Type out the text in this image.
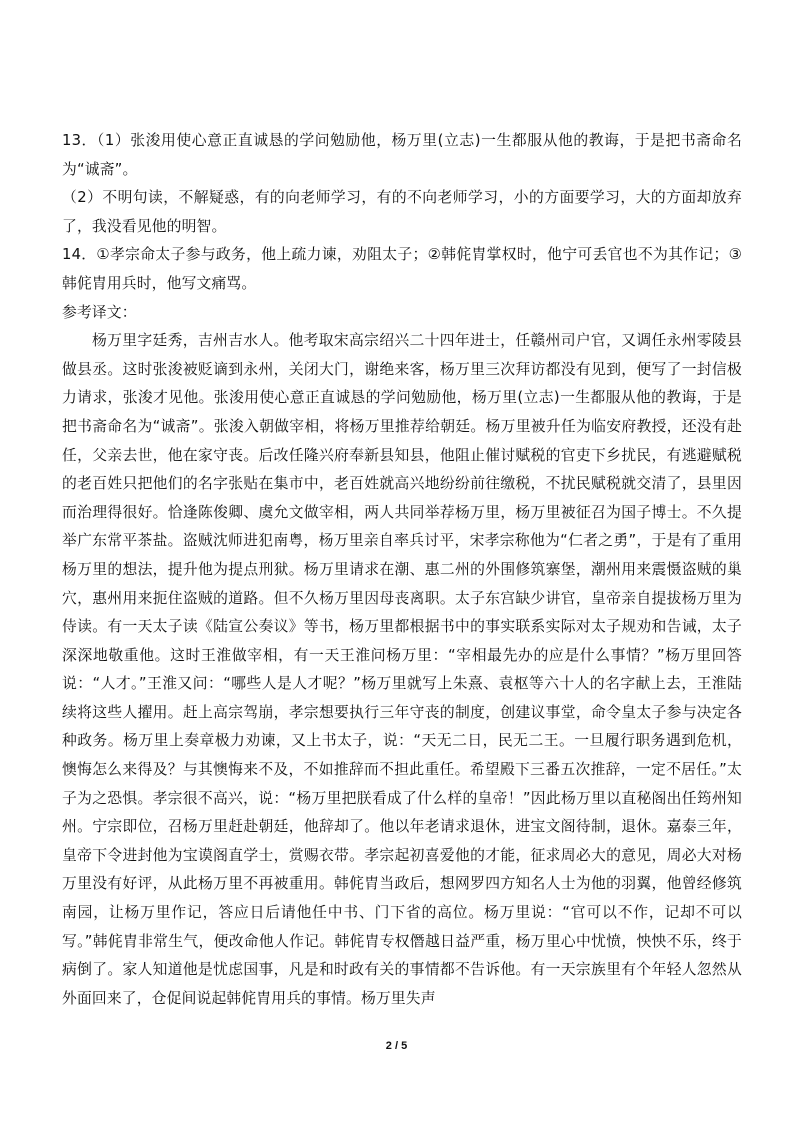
13．（1）张浚用使心意正直诚恳的学问勉励他，杨万里(立志)一生都服从他的教诲，于是把书斋命名为“诚斋”。

（2）不明句读，不解疑惑，有的向老师学习，有的不向老师学习，小的方面要学习，大的方面却放弃了，我没看见他的明智。

14．①孝宗命太子参与政务，他上疏力谏，劝阻太子；②韩侂胄掌权时，他宁可丢官也不为其作记；③韩侂胄用兵时，他写文痛骂。

参考译文：

杨万里字廷秀，吉州吉水人。他考取宋高宗绍兴二十四年进士，任赣州司户官，又调任永州零陵县做县丞。这时张浚被贬谪到永州，关闭大门，谢绝来客，杨万里三次拜访都没有见到，便写了一封信极力请求，张浚才见他。张浚用使心意正直诚恳的学问勉励他，杨万里(立志)一生都服从他的教诲，于是把书斋命名为“诚斋”。张浚入朝做宰相，将杨万里推荐给朝廷。杨万里被升任为临安府教授，还没有赴任，父亲去世，他在家守丧。后改任隆兴府奉新县知县，他阻止催讨赋税的官吏下乡扰民，有逃避赋税的老百姓只把他们的名字张贴在集市中，老百姓就高兴地纷纷前往缴税，不扰民赋税就交清了，县里因而治理得很好。恰逢陈俊卿、虞允文做宰相，两人共同举荐杨万里，杨万里被征召为国子博士。不久提举广东常平茶盐。盗贼沈师进犯南粤，杨万里亲自率兵讨平，宋孝宗称他为“仁者之勇”，于是有了重用杨万里的想法，提升他为提点刑狱。杨万里请求在潮、惠二州的外围修筑寨堡，潮州用来震慑盗贼的巢穴，惠州用来扼住盗贼的道路。但不久杨万里因母丧离职。太子东宫缺少讲官，皇帝亲自提拔杨万里为侍读。有一天太子读《陆宣公奏议》等书，杨万里都根据书中的事实联系实际对太子规劝和告诫，太子深深地敬重他。这时王淮做宰相，有一天王淮问杨万里：“宰相最先办的应是什么事情？”杨万里回答说：“人才。”王淮又问：“哪些人是人才呢？”杨万里就写上朱熹、袁枢等六十人的名字献上去，王淮陆续将这些人擢用。赶上高宗驾崩，孝宗想要执行三年守丧的制度，创建议事堂，命令皇太子参与决定各种政务。杨万里上奏章极力劝谏，又上书太子，说：“天无二日，民无二王。一旦履行职务遇到危机，懊悔怎么来得及？与其懊悔来不及，不如推辞而不担此重任。希望殿下三番五次推辞，一定不居任。”太子为之恐惧。孝宗很不高兴，说：“杨万里把朕看成了什么样的皇帝！”因此杨万里以直秘阁出任筠州知州。宁宗即位，召杨万里赶赴朝廷，他辞却了。他以年老请求退休，进宝文阁待制，退休。嘉泰三年，皇帝下令进封他为宝谟阁直学士，赏赐衣带。孝宗起初喜爱他的才能，征求周必大的意见，周必大对杨万里没有好评，从此杨万里不再被重用。韩侂胄当政后，想网罗四方知名人士为他的羽翼，他曾经修筑南园，让杨万里作记，答应日后请他任中书、门下省的高位。杨万里说：“官可以不作，记却不可以写。”韩侂胄非常生气，便改命他人作记。韩侂胄专权僭越日益严重，杨万里心中忧愤，怏怏不乐，终于病倒了。家人知道他是忧虑国事，凡是和时政有关的事情都不告诉他。有一天宗族里有个年轻人忽然从外面回来了，仓促间说起韩侂胄用兵的事情。杨万里失声

2 / 5
